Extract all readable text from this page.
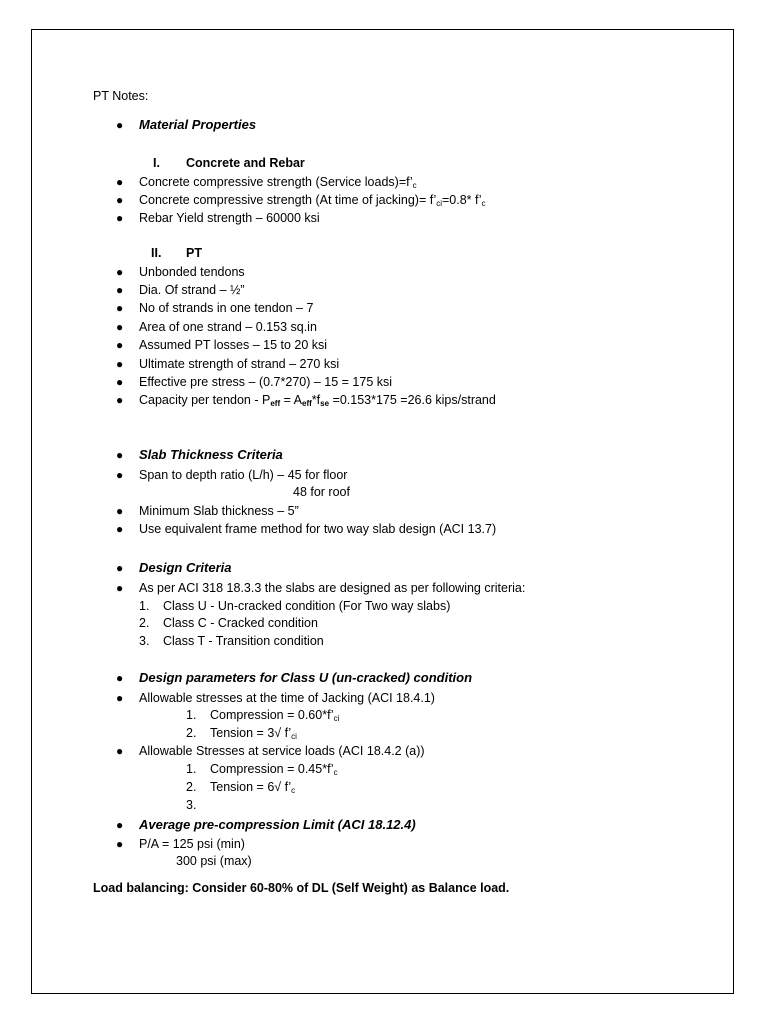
PT Notes:
● Material Properties
I. Concrete and Rebar
● Concrete compressive strength (Service $loads)=f’_c$
● Concrete compressive strength (At time of jacking)= $f’_{ci}=0.8*$ $f’_c$
● Rebar Yield strength – 60000 ksi
II. PT
● Unbonded tendons
● Dia. Of strand – ½”
● No of strands in one tendon – 7
● Area of one strand – 0.153 sq.in
● Assumed PT losses – 15 to 20 ksi
● Ultimate strength of strand – 270 ksi
● Effective pre stress – (0.7*270) – 15 = 175 ksi
● Capacity per tendon - $P_{eff} = A_{eff}*f_{se} =0.153*175 =26.6$ kips/strand
● Slab Thickness Criteria
● Span to depth ratio (L/h) – 45 for floor
48 for roof
● Minimum Slab thickness – 5”
● Use equivalent frame method for two way slab design (ACI 13.7)
● Design Criteria
● As per ACI 318 18.3.3 the slabs are designed as per following criteria:
1. Class U - Un-cracked condition (For Two way slabs)
2. Class C - Cracked condition
3. Class T - Transition condition
● Design parameters for Class U (un-cracked) condition
● Allowable stresses at the time of Jacking (ACI 18.4.1)
1. Compression = $0.60*f’_{ci}$
2. Tension = 3√ $f’_{ci}$
● Allowable Stresses at service loads (ACI 18.4.2 (a))
1. Compression = $0.45*f’_c$
2. Tension = 6√ $f’_c$
3.
● Average pre-compression Limit (ACI 18.12.4)
● P/A = 125 psi (min)
300 psi (max)
Load balancing: Consider 60-80% of DL (Self Weight) as Balance load.
